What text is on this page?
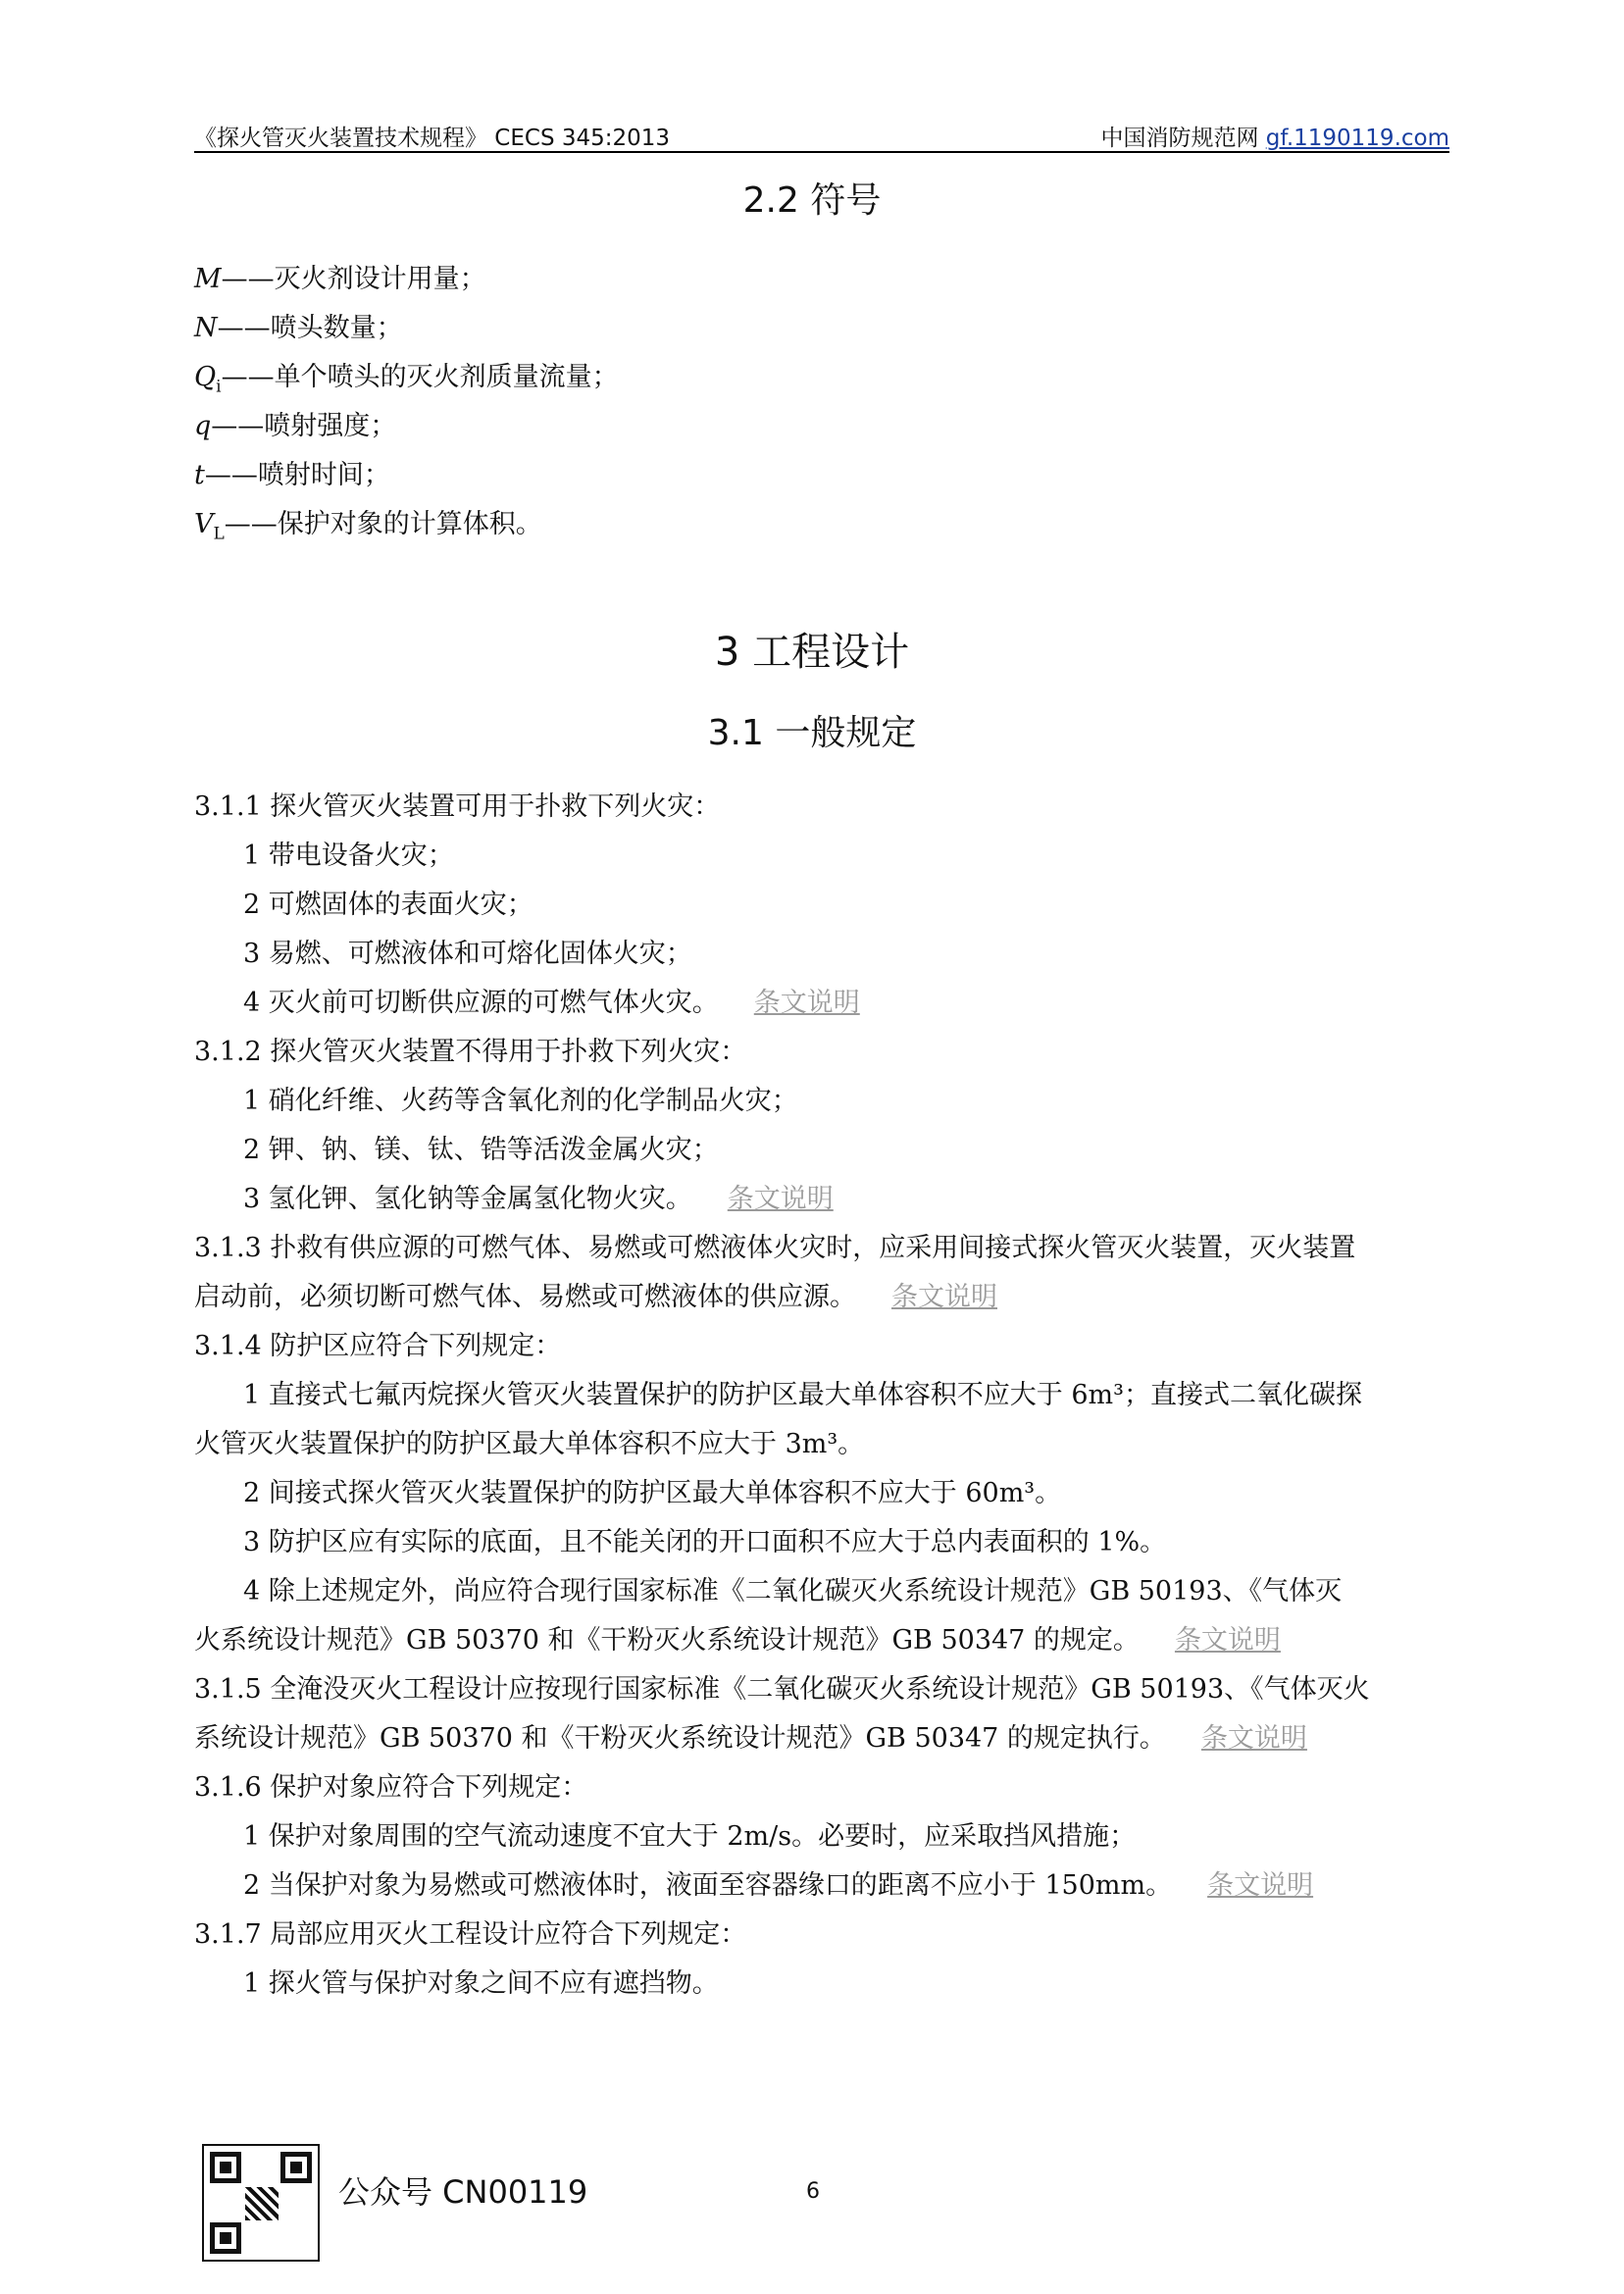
《探火管灭火装置技术规程》 CECS 345:2013	中国消防规范网 gf.1190119.com
2.2 符号
M——灭火剂设计用量；
N——喷头数量；
$Q_i——$单个喷头的灭火剂质量流量；
q——喷射强度；
t——喷射时间；
$V_L——$保护对象的计算体积。
3 工程设计
3.1 一般规定
3.1.1 探火管灭火装置可用于扑救下列火灾：
1 带电设备火灾；
2 可燃固体的表面火灾；
3 易燃、可燃液体和可熔化固体火灾；
4 灭火前可切断供应源的可燃气体火灾。 条文说明
3.1.2 探火管灭火装置不得用于扑救下列火灾：
1 硝化纤维、火药等含氧化剂的化学制品火灾；
2 钾、钠、镁、钛、锆等活泼金属火灾；
3 氢化钾、氢化钠等金属氢化物火灾。 条文说明
3.1.3 扑救有供应源的可燃气体、易燃或可燃液体火灾时，应采用间接式探火管灭火装置，灭火装置
启动前，必须切断可燃气体、易燃或可燃液体的供应源。 条文说明
3.1.4 防护区应符合下列规定：
1 直接式七氟丙烷探火管灭火装置保护的防护区最大单体容积不应大于 6m³；直接式二氧化碳探
火管灭火装置保护的防护区最大单体容积不应大于 3m³。
2 间接式探火管灭火装置保护的防护区最大单体容积不应大于 60m³。
3 防护区应有实际的底面，且不能关闭的开口面积不应大于总内表面积的 1%。
4 除上述规定外，尚应符合现行国家标准《二氧化碳灭火系统设计规范》GB 50193、《气体灭
火系统设计规范》GB 50370 和《干粉灭火系统设计规范》GB 50347 的规定。 条文说明
3.1.5 全淹没灭火工程设计应按现行国家标准《二氧化碳灭火系统设计规范》GB 50193、《气体灭火
系统设计规范》GB 50370 和《干粉灭火系统设计规范》GB 50347 的规定执行。 条文说明
3.1.6 保护对象应符合下列规定：
1 保护对象周围的空气流动速度不宜大于 2m/s。必要时，应采取挡风措施；
2 当保护对象为易燃或可燃液体时，液面至容器缘口的距离不应小于 150mm。 条文说明
3.1.7 局部应用灭火工程设计应符合下列规定：
1 探火管与保护对象之间不应有遮挡物。
公众号 CN00119	6
